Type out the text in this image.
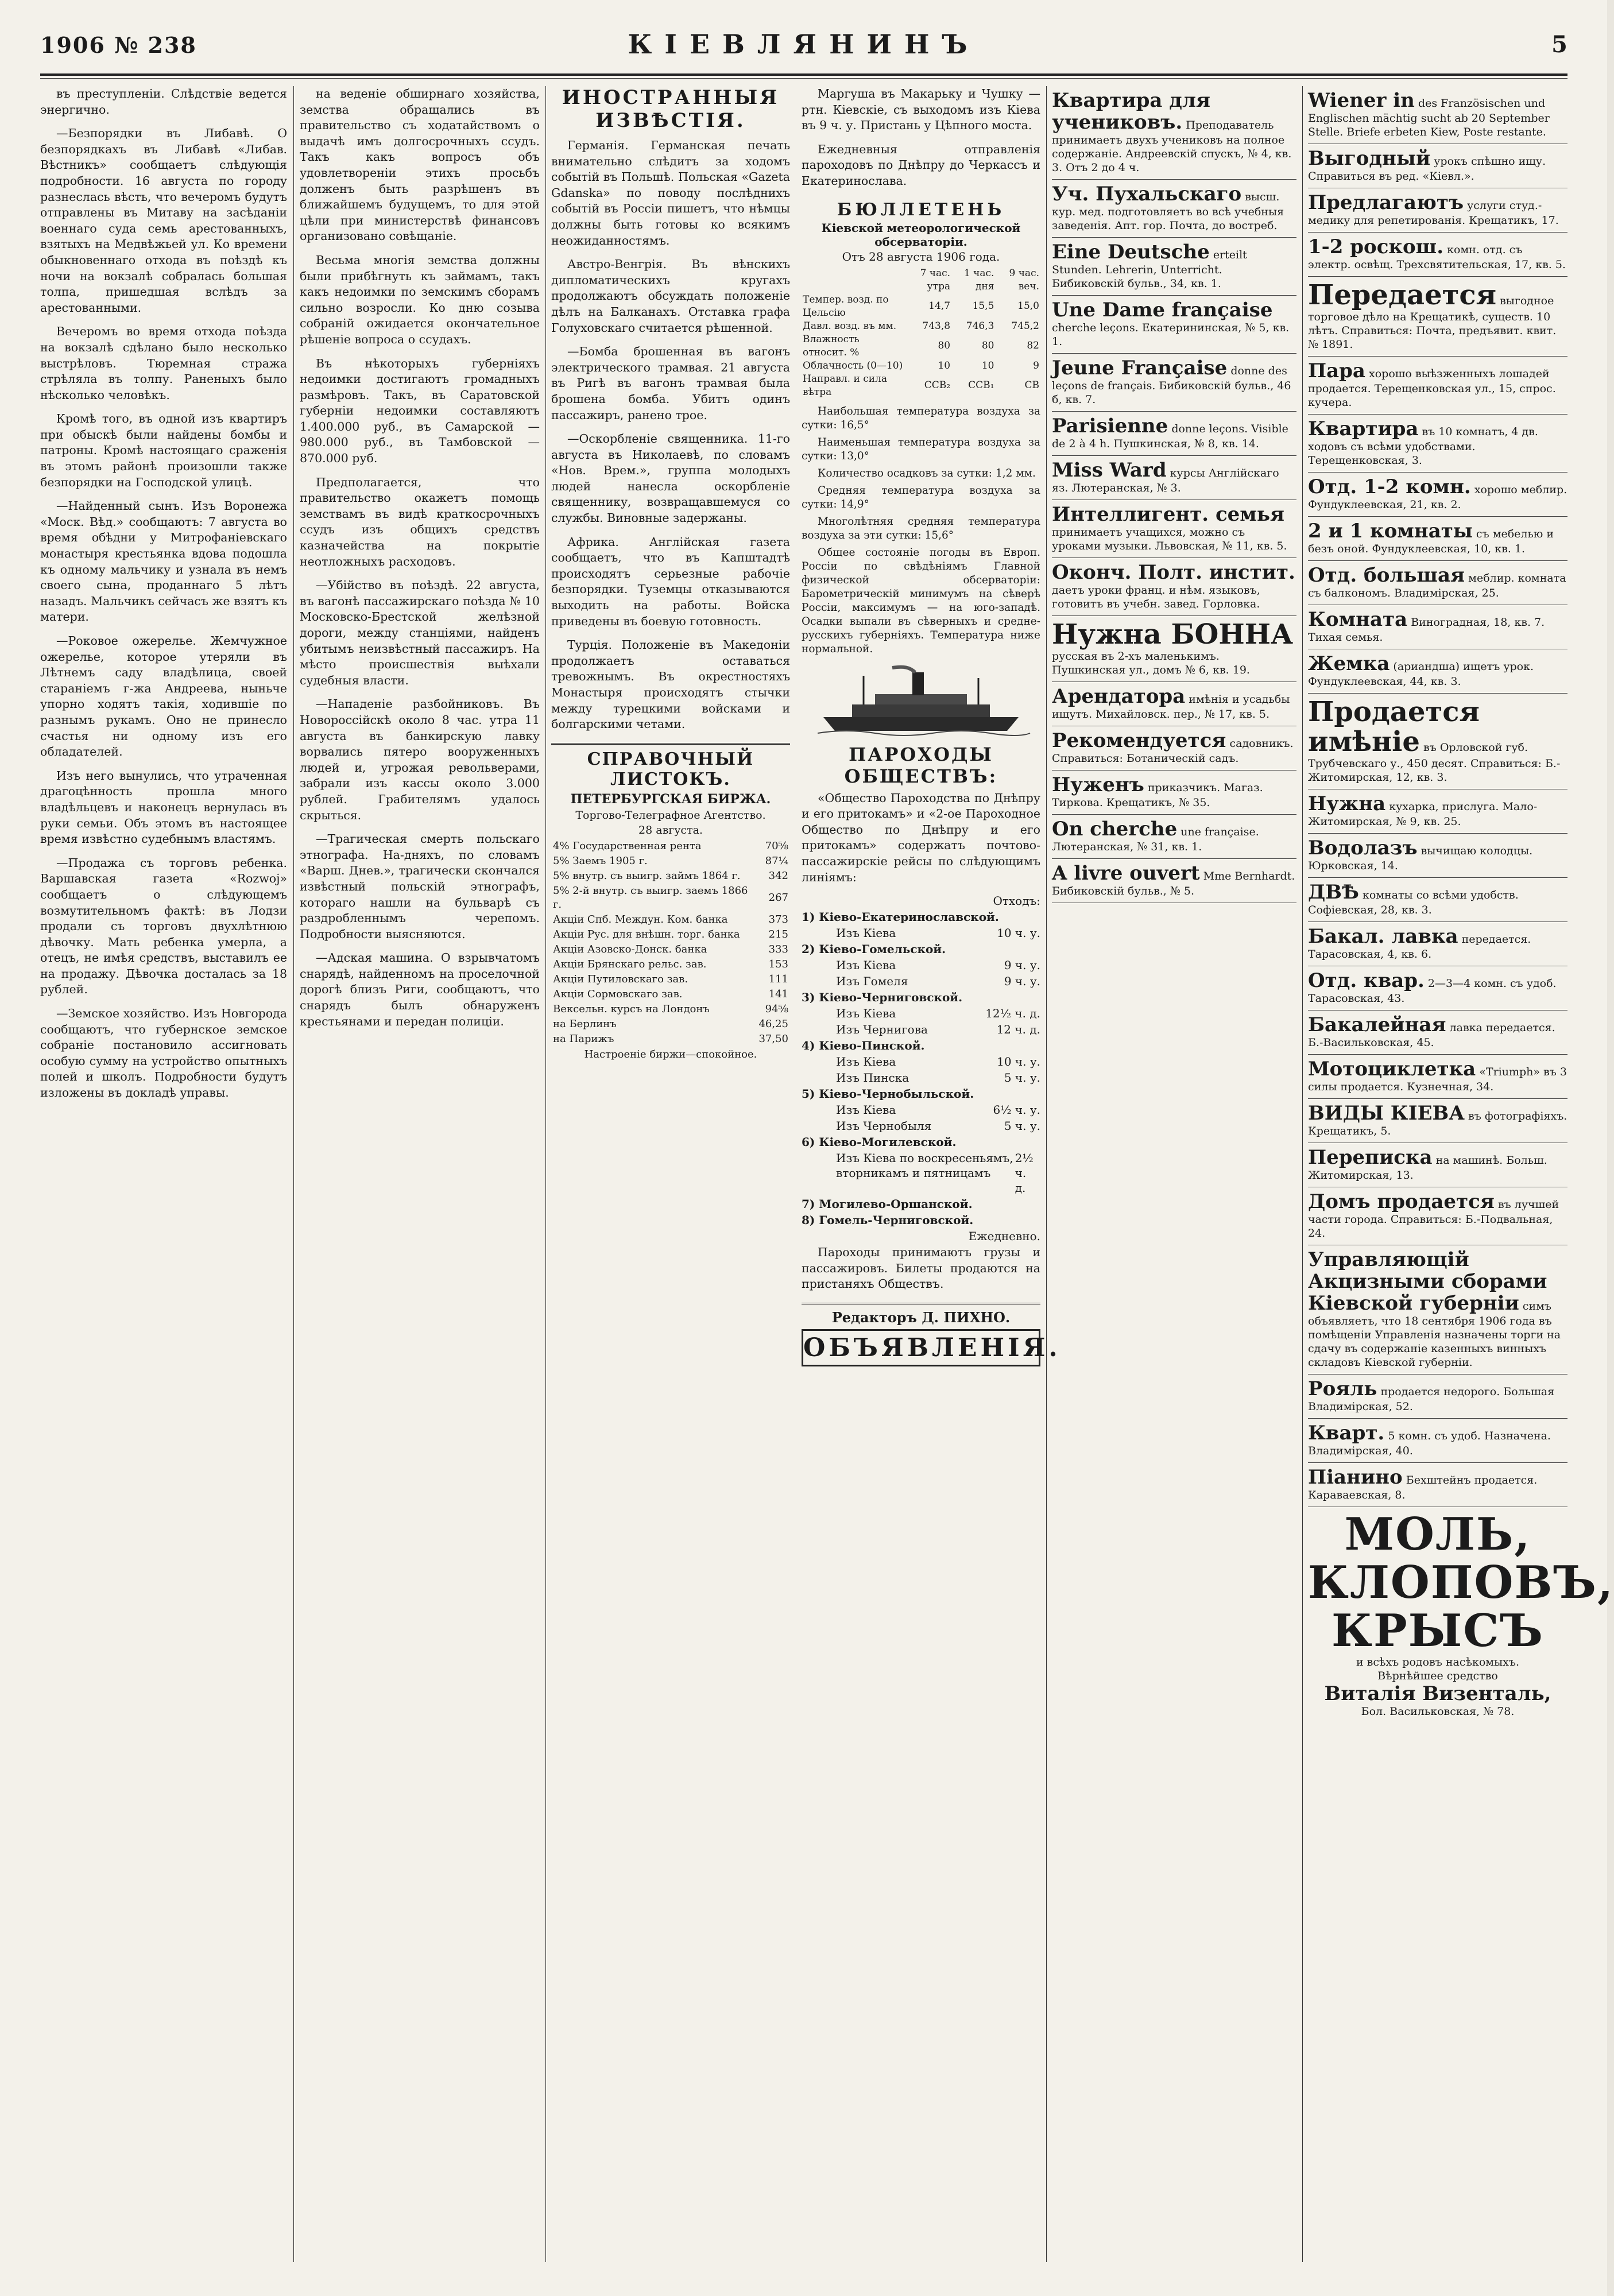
1906 № 238	КІЕВЛЯНИНЪ	5

въ преступленіи. Слѣдствіе ведется энергично.

—Безпорядки въ Либавѣ. О безпорядкахъ въ Либавѣ «Либав. Вѣстникъ» сообщаетъ слѣдующія подробности. 16 августа по городу разнеслась вѣсть, что вечеромъ будутъ отправлены въ Митаву на засѣданіи военнаго суда семь арестованныхъ, взятыхъ на Медвѣжьей ул. Ко времени обыкновеннаго отхода въ поѣздѣ къ ночи на вокзалѣ собралась большая толпа, пришедшая вслѣдъ за арестованными.

Вечеромъ во время отхода поѣзда на вокзалѣ сдѣлано было несколько выстрѣловъ. Тюремная стража стрѣляла въ толпу. Раненыхъ было нѣсколько человѣкъ.

Кромѣ того, въ одной изъ квартиръ при обыскѣ были найдены бомбы и патроны. Кромѣ настоящаго сраженія въ этомъ районѣ произошли также безпорядки на Господской улицѣ.

—Найденный сынъ. Изъ Воронежа «Моск. Вѣд.» сообщаютъ: 7 августа во время обѣдни у Митрофаніевскаго монастыря крестьянка вдова подошла къ одному мальчику и узнала въ немъ своего сына, проданнаго 5 лѣтъ назадъ. Мальчикъ сейчасъ же взятъ къ матери.

—Роковое ожерелье. Жемчужное ожерелье, которое утеряли въ Лѣтнемъ саду владѣлица, своей стараніемъ г-жа Андреева, ныньче упорно ходятъ такія, ходившіе по разнымъ рукамъ. Оно не принесло счастья ни одному изъ его обладателей.

Изъ него вынулись, что утраченная драгоцѣнность прошла много владѣльцевъ и наконецъ вернулась въ руки семьи. Объ этомъ въ настоящее время извѣстно судебнымъ властямъ.

—Продажа съ торговъ ребенка. Варшавская газета «Rozwoj» сообщаетъ о слѣдующемъ возмутительномъ фактѣ: въ Лодзи продали съ торговъ двухлѣтнюю дѣвочку. Мать ребенка умерла, а отецъ, не имѣя средствъ, выставилъ ее на продажу. Дѣвочка досталась за 18 рублей.

—Земское хозяйство. Изъ Новгорода сообщаютъ, что губернское земское собраніе постановило ассигновать особую сумму на устройство опытныхъ полей и школъ. Подробности будутъ изложены въ докладѣ управы.

на веденіе обширнаго хозяйства, земства обращались въ правительство съ ходатайствомъ о выдачѣ имъ долгосрочныхъ ссудъ. Такъ какъ вопросъ объ удовлетвореніи этихъ просьбъ долженъ быть разрѣшенъ въ ближайшемъ будущемъ, то для этой цѣли при министерствѣ финансовъ организовано совѣщаніе.

Весьма многія земства должны были прибѣгнуть къ займамъ, такъ какъ недоимки по земскимъ сборамъ сильно возросли. Ко дню созыва собраній ожидается окончательное рѣшеніе вопроса о ссудахъ.

Въ нѣкоторыхъ губерніяхъ недоимки достигаютъ громадныхъ размѣровъ. Такъ, въ Саратовской губерніи недоимки составляютъ 1.400.000 руб., въ Самарской — 980.000 руб., въ Тамбовской — 870.000 руб.

Предполагается, что правительство окажетъ помощь земствамъ въ видѣ краткосрочныхъ ссудъ изъ общихъ средствъ казначейства на покрытіе неотложныхъ расходовъ.

—Убійство въ поѣздѣ. 22 августа, въ вагонѣ пассажирскаго поѣзда № 10 Московско-Брестской желѣзной дороги, между станціями, найденъ убитымъ неизвѣстный пассажиръ. На мѣсто происшествія выѣхали судебныя власти.

—Нападеніе разбойниковъ. Въ Новороссійскѣ около 8 час. утра 11 августа въ банкирскую лавку ворвались пятеро вооруженныхъ людей и, угрожая револьверами, забрали изъ кассы около 3.000 рублей. Грабителямъ удалось скрыться.

—Трагическая смерть польскаго этнографа. На-дняхъ, по словамъ «Варш. Днев.», трагически скончался извѣстный польскій этнографъ, котораго нашли на бульварѣ съ раздробленнымъ черепомъ. Подробности выясняются.

—Адская машина. О взрывчатомъ снарядѣ, найденномъ на проселочной дорогѣ близъ Риги, сообщаютъ, что снарядъ былъ обнаруженъ крестьянами и передан полиціи.

ИНОСТРАННЫЯ ИЗВѢСТІЯ.

Германія. Германская печать внимательно слѣдитъ за ходомъ событій въ Польшѣ. Польская «Gazeta Gdanska» по поводу послѣднихъ событій въ Россіи пишетъ, что нѣмцы должны быть готовы ко всякимъ неожиданностямъ.

Австро-Венгрія. Въ вѣнскихъ дипломатическихъ кругахъ продолжаютъ обсуждать положеніе дѣлъ на Балканахъ. Отставка графа Голуховскаго считается рѣшенной.

—Бомба брошенная въ вагонъ электрического трамвая. 21 августа въ Ригѣ въ вагонъ трамвая была брошена бомба. Убитъ одинъ пассажиръ, ранено трое.

—Оскорбленіе священника. 11-го августа въ Николаевѣ, по словамъ «Нов. Врем.», группа молодыхъ людей нанесла оскорбленіе священнику, возвращавшемуся со службы. Виновные задержаны.

Африка. Англійская газета сообщаетъ, что въ Капштадтѣ происходятъ серьезные рабочіе безпорядки. Туземцы отказываются выходить на работы. Войска приведены въ боевую готовность.

Турція. Положеніе въ Македоніи продолжаетъ оставаться тревожнымъ. Въ окрестностяхъ Монастыря происходятъ стычки между турецкими войсками и болгарскими четами.

СПРАВОЧНЫЙ ЛИСТОКЪ.
ПЕТЕРБУРГСКАЯ БИРЖА.
Торгово-Телеграфное Агентство.
28 августа.
4% Государственная рента	70⅝
5% Заемъ 1905 г.	87¼
5% внутр. съ выигр. займъ 1864 г.	342
5% 2-й внутр. съ выигр. заемъ 1866 г.	267
Акціи Спб. Междун. Ком. банка	373
Акціи Рус. для внѣшн. торг. банка	215
Акціи Азовско-Донск. банка	333
Акціи Брянскаго рельс. зав.	153
Акціи Путиловскаго зав.	111
Акціи Сормовскаго зав.	141
Вексельн. курсъ на Лондонъ	94⅝
на Берлинъ	46,25
на Парижъ	37,50

Настроеніе биржи—спокойное.

Маргуша въ Макарьку и Чушку — ртн. Кіевскіе, съ выходомъ изъ Кіева въ 9 ч. у. Пристань у Цѣпного моста.

Ежедневныя отправленія пароходовъ по Днѣпру до Черкассъ и Екатеринослава.

БЮЛЛЕТЕНЬ
Кіевской метеорологической обсерваторіи.
Отъ 28 августа 1906 года.
	7 час. утра	1 час. дня	9 час. веч.
Темпер. возд. по Цельсію	14,7	15,5	15,0
Давл. возд. въ мм.	743,8	746,3	745,2
Влажность относит. %	80	80	82
Облачность (0—10)	10	10	9
Направл. и сила вѣтра	ССВ₂	ССВ₁	СВ

Наибольшая температура воздуха за сутки: 16,5°

Наименьшая температура воздуха за сутки: 13,0°

Количество осадковъ за сутки: 1,2 мм.

Средняя температура воздуха за сутки: 14,9°

Многолѣтняя средняя температура воздуха за эти сутки: 15,6°

Общее состояніе погоды въ Европ. Россіи по свѣдѣніямъ Главной физической обсерваторіи: Барометрическій минимумъ на сѣверѣ Россіи, максимумъ — на юго-западѣ. Осадки выпали въ сѣверныхъ и средне-русскихъ губерніяхъ. Температура ниже нормальной.

ПАРОХОДЫ ОБЩЕСТВЪ:

«Общество Пароходства по Днѣпру и его притокамъ» и «2-ое Пароходное Общество по Днѣпру и его притокамъ» содержатъ почтово-пассажирскіе рейсы по слѣдующимъ линіямъ:

Отходъ:
1) Кіево-Екатеринославской.
Изъ Кіева	10 ч. у.
2) Кіево-Гомельской.
Изъ Кіева	9 ч. у.
Изъ Гомеля	9 ч. у.
3) Кіево-Черниговской.
Изъ Кіева	12½ ч. д.
Изъ Чернигова	12 ч. д.
4) Кіево-Пинской.
Изъ Кіева	10 ч. у.
Изъ Пинска	5 ч. у.
5) Кіево-Чернобыльской.
Изъ Кіева	6½ ч. у.
Изъ Чернобыля	5 ч. у.
6) Кіево-Могилевской.
Изъ Кіева по воскресеньямъ, вторникамъ и пятницамъ
2½ ч. д.
7) Могилево-Оршанской.
8) Гомель-Черниговской.
Ежедневно.

Пароходы принимаютъ грузы и пассажировъ. Билеты продаются на пристаняхъ Обществъ.

Редакторъ Д. ПИХНО.
ОБЪЯВЛЕНІЯ.
Квартира для учениковъ. Преподаватель принимаетъ двухъ учениковъ на полное содержаніе. Андреевскій спускъ, № 4, кв. 3. Отъ 2 до 4 ч.
Уч. Пухальскаго высш. кур. мед. подготовляетъ во всѣ учебныя заведенія. Апт. гор. Почта, до востреб.
Eine Deutsche erteilt Stunden. Lehrerin, Unterricht. Бибиковскій бульв., 34, кв. 1.
Une Dame française cherche leçons. Екатерининская, № 5, кв. 1.
Jeune Française donne des leçons de français. Бибиковскій бульв., 46 б, кв. 7.
Parisienne donne leçons. Visible de 2 à 4 h. Пушкинская, № 8, кв. 14.
Miss Ward курсы Англійскаго яз. Лютеранская, № 3.
Интеллигент. семья принимаетъ учащихся, можно съ уроками музыки. Львовская, № 11, кв. 5.
Оконч. Полт. инстит. даетъ уроки франц. и нѣм. языковъ, готовитъ въ учебн. завед. Горловка.
Нужна БОННА русская въ 2-хъ маленькимъ. Пушкинская ул., домъ № 6, кв. 19.
Арендатора имѣнія и усадьбы ищутъ. Михайловск. пер., № 17, кв. 5.
Рекомендуется садовникъ. Справиться: Ботаническій садъ.
Нуженъ приказчикъ. Магаз. Тиркова. Крещатикъ, № 35.
On cherche une française. Лютеранская, № 31, кв. 1.
A livre ouvert Mme Bernhardt. Бибиковскій бульв., № 5.
Wiener in des Französischen und Englischen mächtig sucht ab 20 September Stelle. Briefe erbeten Kiew, Poste restante.
Выгодный урокъ спѣшно ищу. Справиться въ ред. «Кіевл.».
Предлагаютъ услуги студ.-медику для репетированія. Крещатикъ, 17.
1-2 роскош. комн. отд. съ электр. освѣщ. Трехсвятительская, 17, кв. 5.
Передается выгодное торговое дѣло на Крещатикѣ, существ. 10 лѣтъ. Справиться: Почта, предъявит. квит. № 1891.
Пара хорошо выѣзженныхъ лошадей продается. Терещенковская ул., 15, спрос. кучера.
Квартира въ 10 комнатъ, 4 дв. ходовъ съ всѣми удобствами. Терещенковская, 3.
Отд. 1-2 комн. хорошо меблир. Фундуклеевская, 21, кв. 2.
2 и 1 комнаты съ мебелью и безъ оной. Фундуклеевская, 10, кв. 1.
Отд. большая меблир. комната съ балкономъ. Владимірская, 25.
Комната Виноградная, 18, кв. 7. Тихая семья.
Жемка (ариандша) ищетъ урок. Фундуклеевская, 44, кв. 3.
Продается имѣніе въ Орловской губ. Трубчевскаго у., 450 десят. Справиться: Б.-Житомирская, 12, кв. 3.
Нужна кухарка, прислуга. Мало-Житомирская, № 9, кв. 25.
Водолазъ вычищаю колодцы. Юрковская, 14.
ДВѢ комнаты со всѣми удобств. Софіевская, 28, кв. 3.
Бакал. лавка передается. Тарасовская, 4, кв. 6.
Отд. квар. 2—3—4 комн. съ удоб. Тарасовская, 43.
Бакалейная лавка передается. Б.-Васильковская, 45.
Мотоциклетка «Triumph» въ 3 силы продается. Кузнечная, 34.
ВИДЫ КІЕВА въ фотографіяхъ. Крещатикъ, 5.
Переписка на машинѣ. Больш. Житомирская, 13.
Домъ продается въ лучшей части города. Справиться: Б.-Подвальная, 24.
Управляющій Акцизными сборами Кіевской губерніи симъ объявляетъ, что 18 сентября 1906 года въ помѣщеніи Управленія назначены торги на сдачу въ содержаніе казенныхъ винныхъ складовъ Кіевской губерніи.
Рояль продается недорого. Большая Владимірская, 52.
Кварт. 5 комн. съ удоб. Назначена. Владимірская, 40.
Піанино Бехштейнъ продается. Караваевская, 8.
МОЛЬ,
КЛОПОВЪ,
КРЫСЪ
и всѣхъ родовъ насѣкомыхъ.
Вѣрнѣйшее средство
Виталія Визенталь,
Бол. Васильковская, № 78.
